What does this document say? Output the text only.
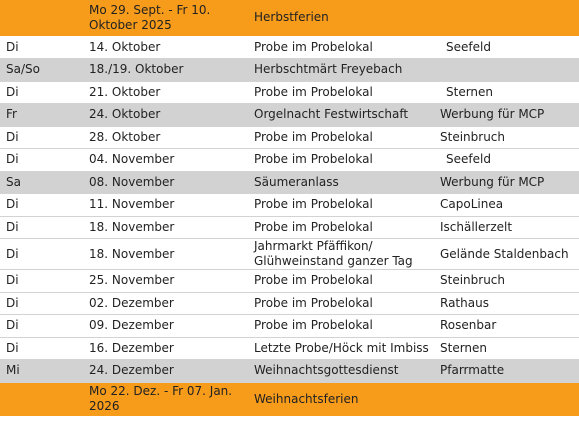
	Mo 29. Sept. - Fr 10. Oktober 2025	Herbstferien	
Di	14. Oktober	Probe im Probelokal	Seefeld
Sa/So	18./19. Oktober	Herbschtmärt Freyebach	
Di	21. Oktober	Probe im Probelokal	Sternen
Fr	24. Oktober	Orgelnacht Festwirtschaft	Werbung für MCP
Di	28. Oktober	Probe im Probelokal	Steinbruch
Di	04. November	Probe im Probelokal	Seefeld
Sa	08. November	Säumeranlass	Werbung für MCP
Di	11. November	Probe im Probelokal	CapoLinea
Di	18. November	Probe im Probelokal	Ischällerzelt
Di	18. November	Jahrmarkt Pfäffikon/ Glühweinstand ganzer Tag	Gelände Staldenbach
Di	25. November	Probe im Probelokal	Steinbruch
Di	02. Dezember	Probe im Probelokal	Rathaus
Di	09. Dezember	Probe im Probelokal	Rosenbar
Di	16. Dezember	Letzte Probe/Höck mit Imbiss	Sternen
Mi	24. Dezember	Weihnachtsgottesdienst	Pfarrmatte

	Mo 22. Dez. - Fr 07. Jan. 2026	Weihnachtsferien	
